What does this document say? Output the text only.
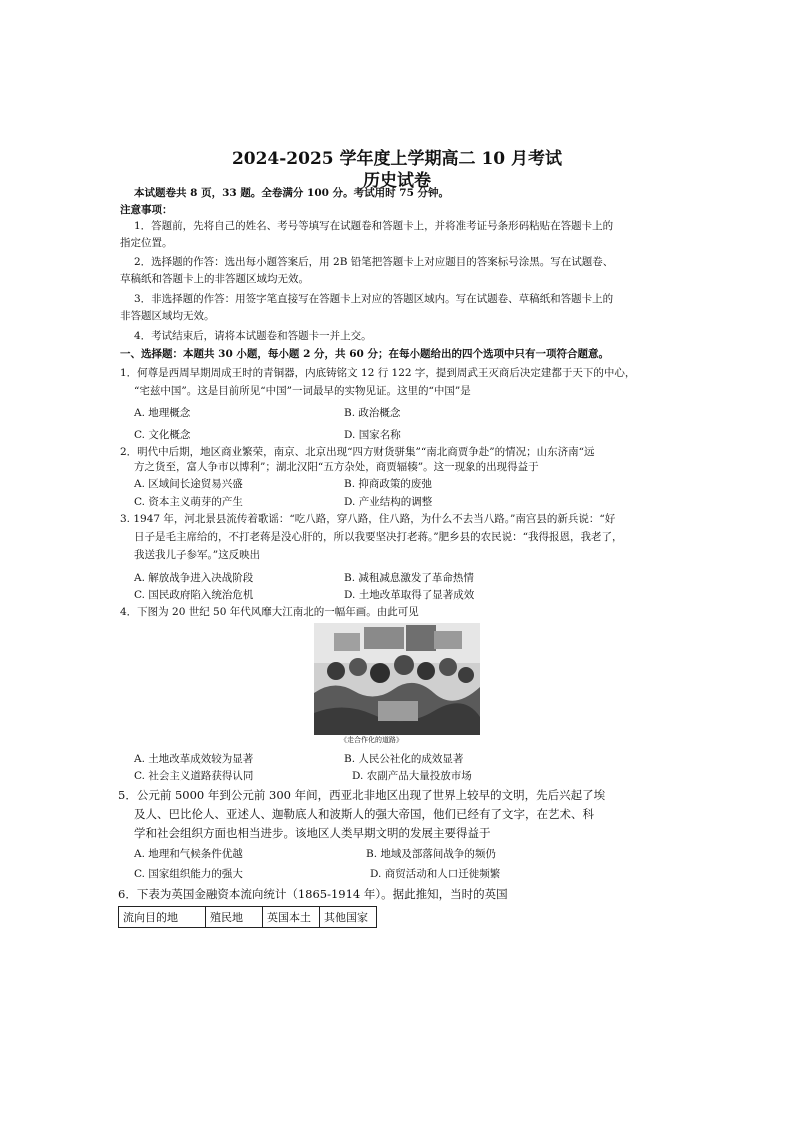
2024-2025 学年度上学期高二 10 月考试
历史试卷
本试题卷共 8 页，33 题。全卷满分 100 分。考试用时 75 分钟。
注意事项：
1．答题前，先将自己的姓名、考号等填写在试题卷和答题卡上，并将准考证号条形码粘贴在答题卡上的
指定位置。
2．选择题的作答：选出每小题答案后，用 2B 铅笔把答题卡上对应题目的答案标号涂黑。写在试题卷、
草稿纸和答题卡上的非答题区域均无效。
3．非选择题的作答：用签字笔直接写在答题卡上对应的答题区域内。写在试题卷、草稿纸和答题卡上的
非答题区域均无效。
4．考试结束后，请将本试题卷和答题卡一并上交。
一、选择题：本题共 30 小题，每小题 2 分，共 60 分；在每小题给出的四个选项中只有一项符合题意。
1．何尊是西周早期周成王时的青铜器，内底铸铭文 12 行 122 字，提到周武王灭商后决定建都于天下的中心，
“宅兹中国”。这是目前所见“中国”一词最早的实物见证。这里的“中国”是
A. 地理概念	B. 政治概念
C. 文化概念	D. 国家名称
2．明代中后期，地区商业繁荣，南京、北京出现“四方财货骈集”“南北商贾争赴”的情况；山东济南“远
方之货至，富人争市以博利”；湖北汉阳“五方杂处，商贾辐辏”。这一现象的出现得益于
A. 区域间长途贸易兴盛	B. 抑商政策的废弛
C. 资本主义萌芽的产生	D. 产业结构的调整
3. 1947 年，河北景县流传着歌谣：“吃八路，穿八路，住八路，为什么不去当八路。”南宫县的新兵说：“好
日子是毛主席给的，不打老蒋是没心肝的，所以我要坚决打老蒋。”肥乡县的农民说：“我得报恩，我老了，
我送我儿子参军。”这反映出
A. 解放战争进入决战阶段	B. 减租减息激发了革命热情
C. 国民政府陷入统治危机	D. 土地改革取得了显著成效
4．下图为 20 世纪 50 年代风靡大江南北的一幅年画。由此可见
《走合作化的道路》
A. 土地改革成效较为显著	B. 人民公社化的成效显著
C. 社会主义道路获得认同	D. 农副产品大量投放市场
5．公元前 5000 年到公元前 300 年间，西亚北非地区出现了世界上较早的文明，先后兴起了埃
及人、巴比伦人、亚述人、迦勒底人和波斯人的强大帝国，他们已经有了文字，在艺术、科
学和社会组织方面也相当进步。该地区人类早期文明的发展主要得益于
A. 地理和气候条件优越	B. 地域及部落间战争的频仍
C. 国家组织能力的强大	D. 商贸活动和人口迁徙频繁
6．下表为英国金融资本流向统计（1865-1914 年）。据此推知，当时的英国
流向目的地	殖民地	英国本土	其他国家
